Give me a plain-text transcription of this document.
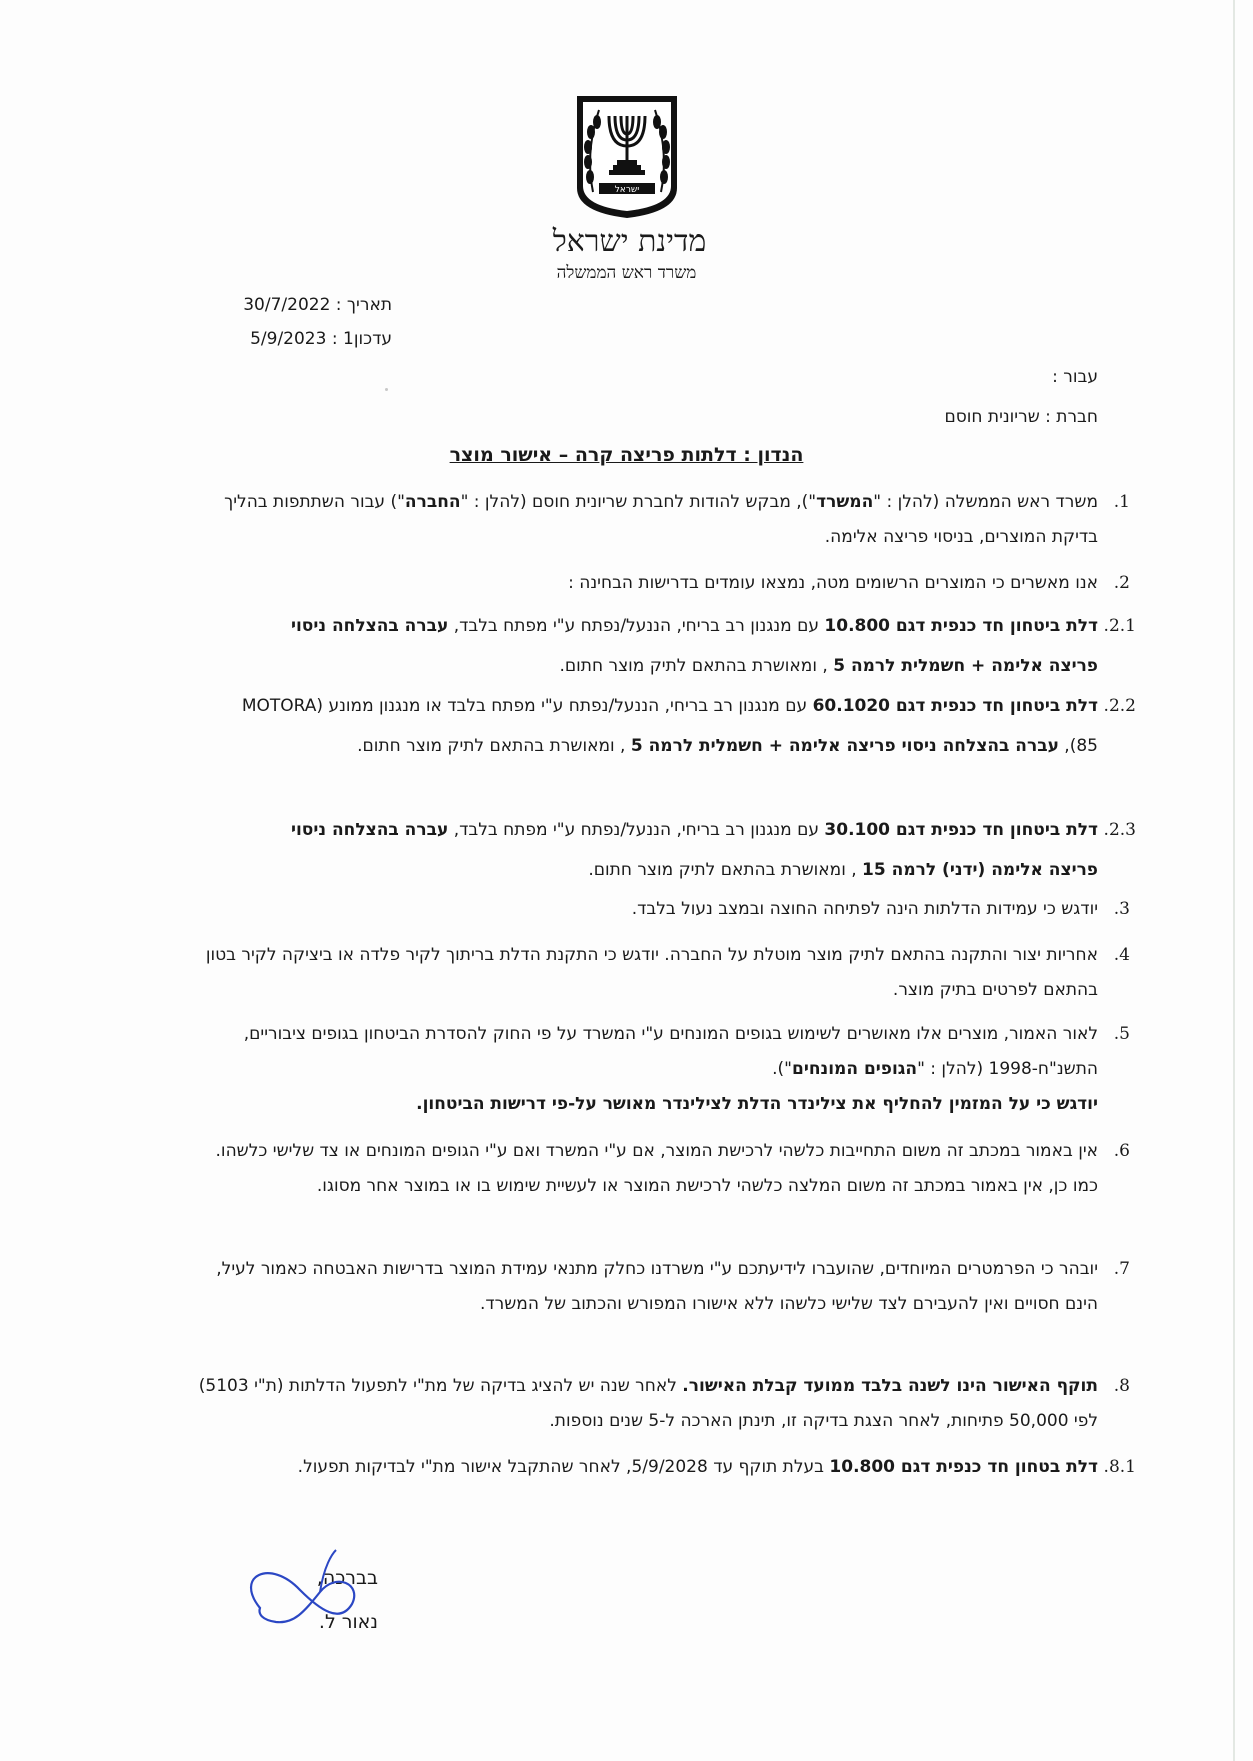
ישראל
מדינת ישראל
משרד ראש הממשלה
תאריך : 30/7/2022
עדכון1 : 5/9/2023
עבור :
חברת : שריונית חוסם
הנדון : דלתות פריצה קרה – אישור מוצר
1.
משרד ראש הממשלה (להלן : "המשרד"), מבקש להודות לחברת שריונית חוסם (להלן : "החברה") עבור השתתפות בהליך בדיקת המוצרים, בניסוי פריצה אלימה.
2.
אנו מאשרים כי המוצרים הרשומים מטה, נמצאו עומדים בדרישות הבחינה :
2.1.
דלת ביטחון חד כנפית דגם 10.800 עם מנגנון רב בריחי, הננעל/נפתח ע"י מפתח בלבד, עברה בהצלחה ניסוי פריצה אלימה + חשמלית לרמה 5 , ומאושרת בהתאם לתיק מוצר חתום.
2.2.
דלת ביטחון חד כנפית דגם 60.1020 עם מנגנון רב בריחי, הננעל/נפתח ע"י מפתח בלבד או מנגנון ממונע (MOTORA 85), עברה בהצלחה ניסוי פריצה אלימה + חשמלית לרמה 5 , ומאושרת בהתאם לתיק מוצר חתום.
2.3.
דלת ביטחון חד כנפית דגם 30.100 עם מנגנון רב בריחי, הננעל/נפתח ע"י מפתח בלבד, עברה בהצלחה ניסוי פריצה אלימה (ידני) לרמה 15 , ומאושרת בהתאם לתיק מוצר חתום.
3.
יודגש כי עמידות הדלתות הינה לפתיחה החוצה ובמצב נעול בלבד.
4.
אחריות יצור והתקנה בהתאם לתיק מוצר מוטלת על החברה. יודגש כי התקנת הדלת בריתוך לקיר פלדה או ביציקה לקיר בטון בהתאם לפרטים בתיק מוצר.
5.
לאור האמור, מוצרים אלו מאושרים לשימוש בגופים המונחים ע"י המשרד על פי החוק להסדרת הביטחון בגופים ציבוריים, התשנ"ח-1998 (להלן : "הגופים המונחים").
יודגש כי על המזמין להחליף את צילינדר הדלת לצילינדר מאושר על-פי דרישות הביטחון.
6.
אין באמור במכתב זה משום התחייבות כלשהי לרכישת המוצר, אם ע"י המשרד ואם ע"י הגופים המונחים או צד שלישי כלשהו. כמו כן, אין באמור במכתב זה משום המלצה כלשהי לרכישת המוצר או לעשיית שימוש בו או במוצר אחר מסוגו.
7.
יובהר כי הפרמטרים המיוחדים, שהועברו לידיעתכם ע"י משרדנו כחלק מתנאי עמידת המוצר בדרישות האבטחה כאמור לעיל, הינם חסויים ואין להעבירם לצד שלישי כלשהו ללא אישורו המפורש והכתוב של המשרד.
8.
תוקף האישור הינו לשנה בלבד ממועד קבלת האישור. לאחר שנה יש להציג בדיקה של מת"י לתפעול הדלתות (ת"י 5103) לפי 50,000 פתיחות, לאחר הצגת בדיקה זו, תינתן הארכה ל-5 שנים נוספות.
8.1.
דלת בטחון חד כנפית דגם 10.800 בעלת תוקף עד 5/9/2028, לאחר שהתקבל אישור מת"י לבדיקות תפעול.
בברכה,
נאור ל.
